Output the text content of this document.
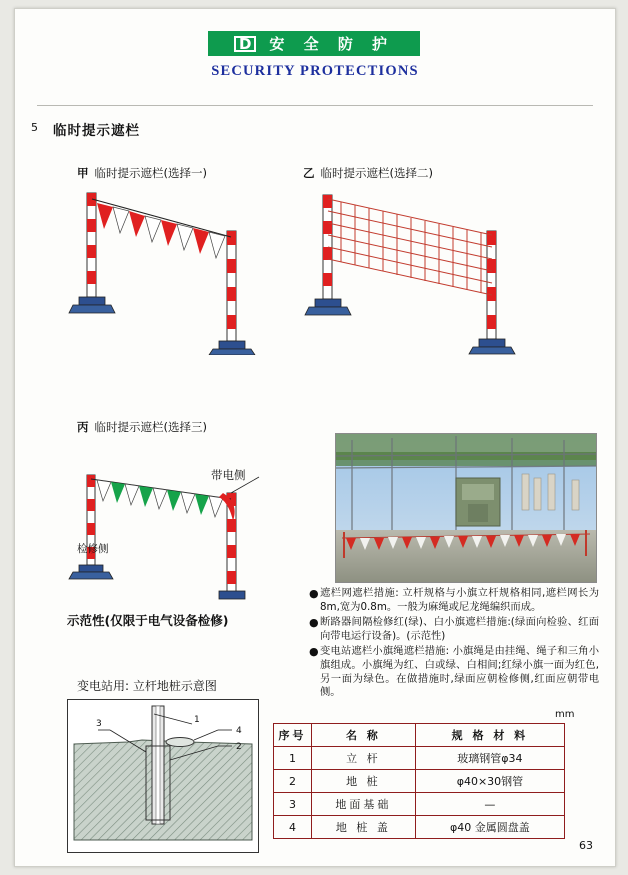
D	安 全 防 护
SECURITY PROTECTIONS
5 临时提示遮栏
甲 临时提示遮栏(选择一)	乙 临时提示遮栏(选择二)
丙 临时提示遮栏(选择三)
带电侧
检修侧
● 遮栏网遮栏措施: 立杆规格与小旗立杆规格相同,遮栏网长为8m,宽为0.8m。一般为麻绳或尼龙绳编织而成。
● 断路器间隔检修红(绿)、白小旗遮栏措施:(绿面向检验、红面向带电运行设备)。(示范性)
● 变电站遮栏小旗绳遮栏措施: 小旗绳是由挂绳、绳子和三角小旗组成。小旗绳为红、白或绿、白相间;红绿小旗一面为红色,另一面为绿色。在做措施时,绿面应朝检修侧,红面应朝带电侧。
示范性(仅限于电气设备检修)
变电站用: 立杆地桩示意图
3
4
2
1	mm
序号	名 称	规 格 材 料
1	立 杆	玻璃钢管φ34
2	地 桩	φ40×30钢管
3	地面基础	—
4	地 桩 盖	φ40 金属圆盘盖
63
